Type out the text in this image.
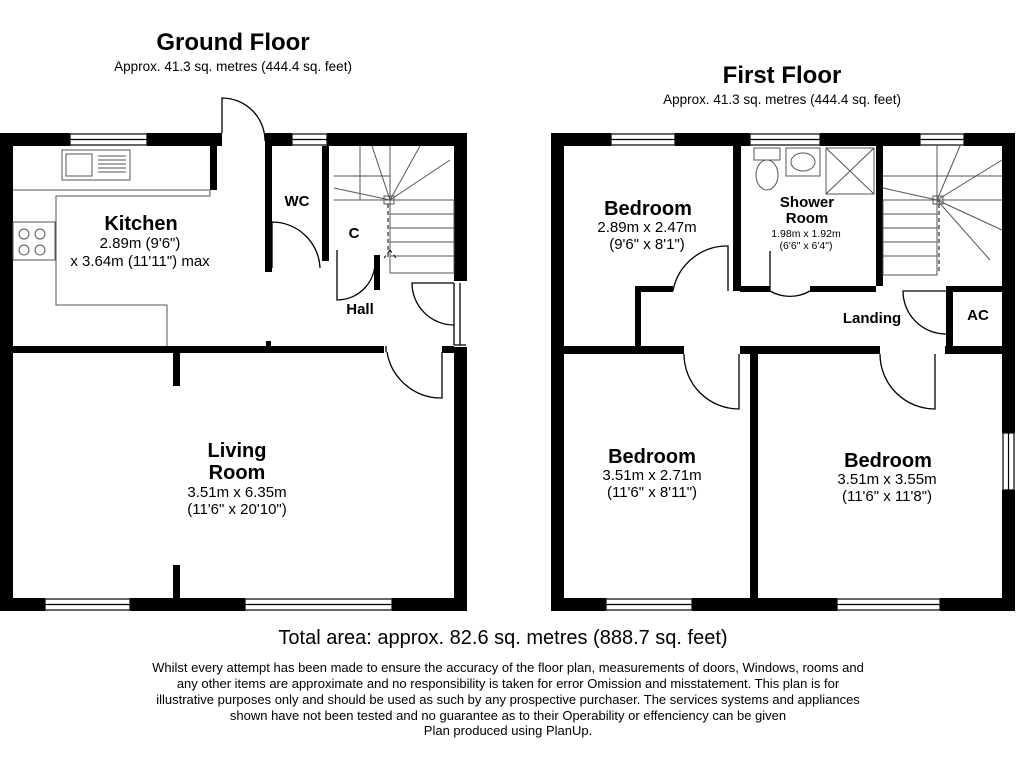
Ground Floor
Approx. 41.3 sq. metres (444.4 sq. feet)
Kitchen
2.89m (9'6")
x 3.64m (11'11") max
WC
C
Hall
Living
Room
3.51m x 6.35m
(11'6" x 20'10")
First Floor
Approx. 41.3 sq. metres (444.4 sq. feet)
Bedroom
2.89m x 2.47m
(9'6" x 8'1")
Shower
Room
1.98m x 1.92m
(6'6" x 6'4")
Landing	AC
Bedroom
3.51m x 2.71m
(11'6" x 8'11")
Bedroom
3.51m x 3.55m
(11'6" x 11'8")
Total area: approx. 82.6 sq. metres (888.7 sq. feet)
Whilst every attempt has been made to ensure the accuracy of the floor plan, measurements of doors, Windows, rooms and
any other items are approximate and no responsibility is taken for error Omission and misstatement. This plan is for
illustrative purposes only and should be used as such by any prospective purchaser. The services systems and appliances
shown have not been tested and no guarantee as to their Operability or effenciency can be given
Plan produced using PlanUp.
